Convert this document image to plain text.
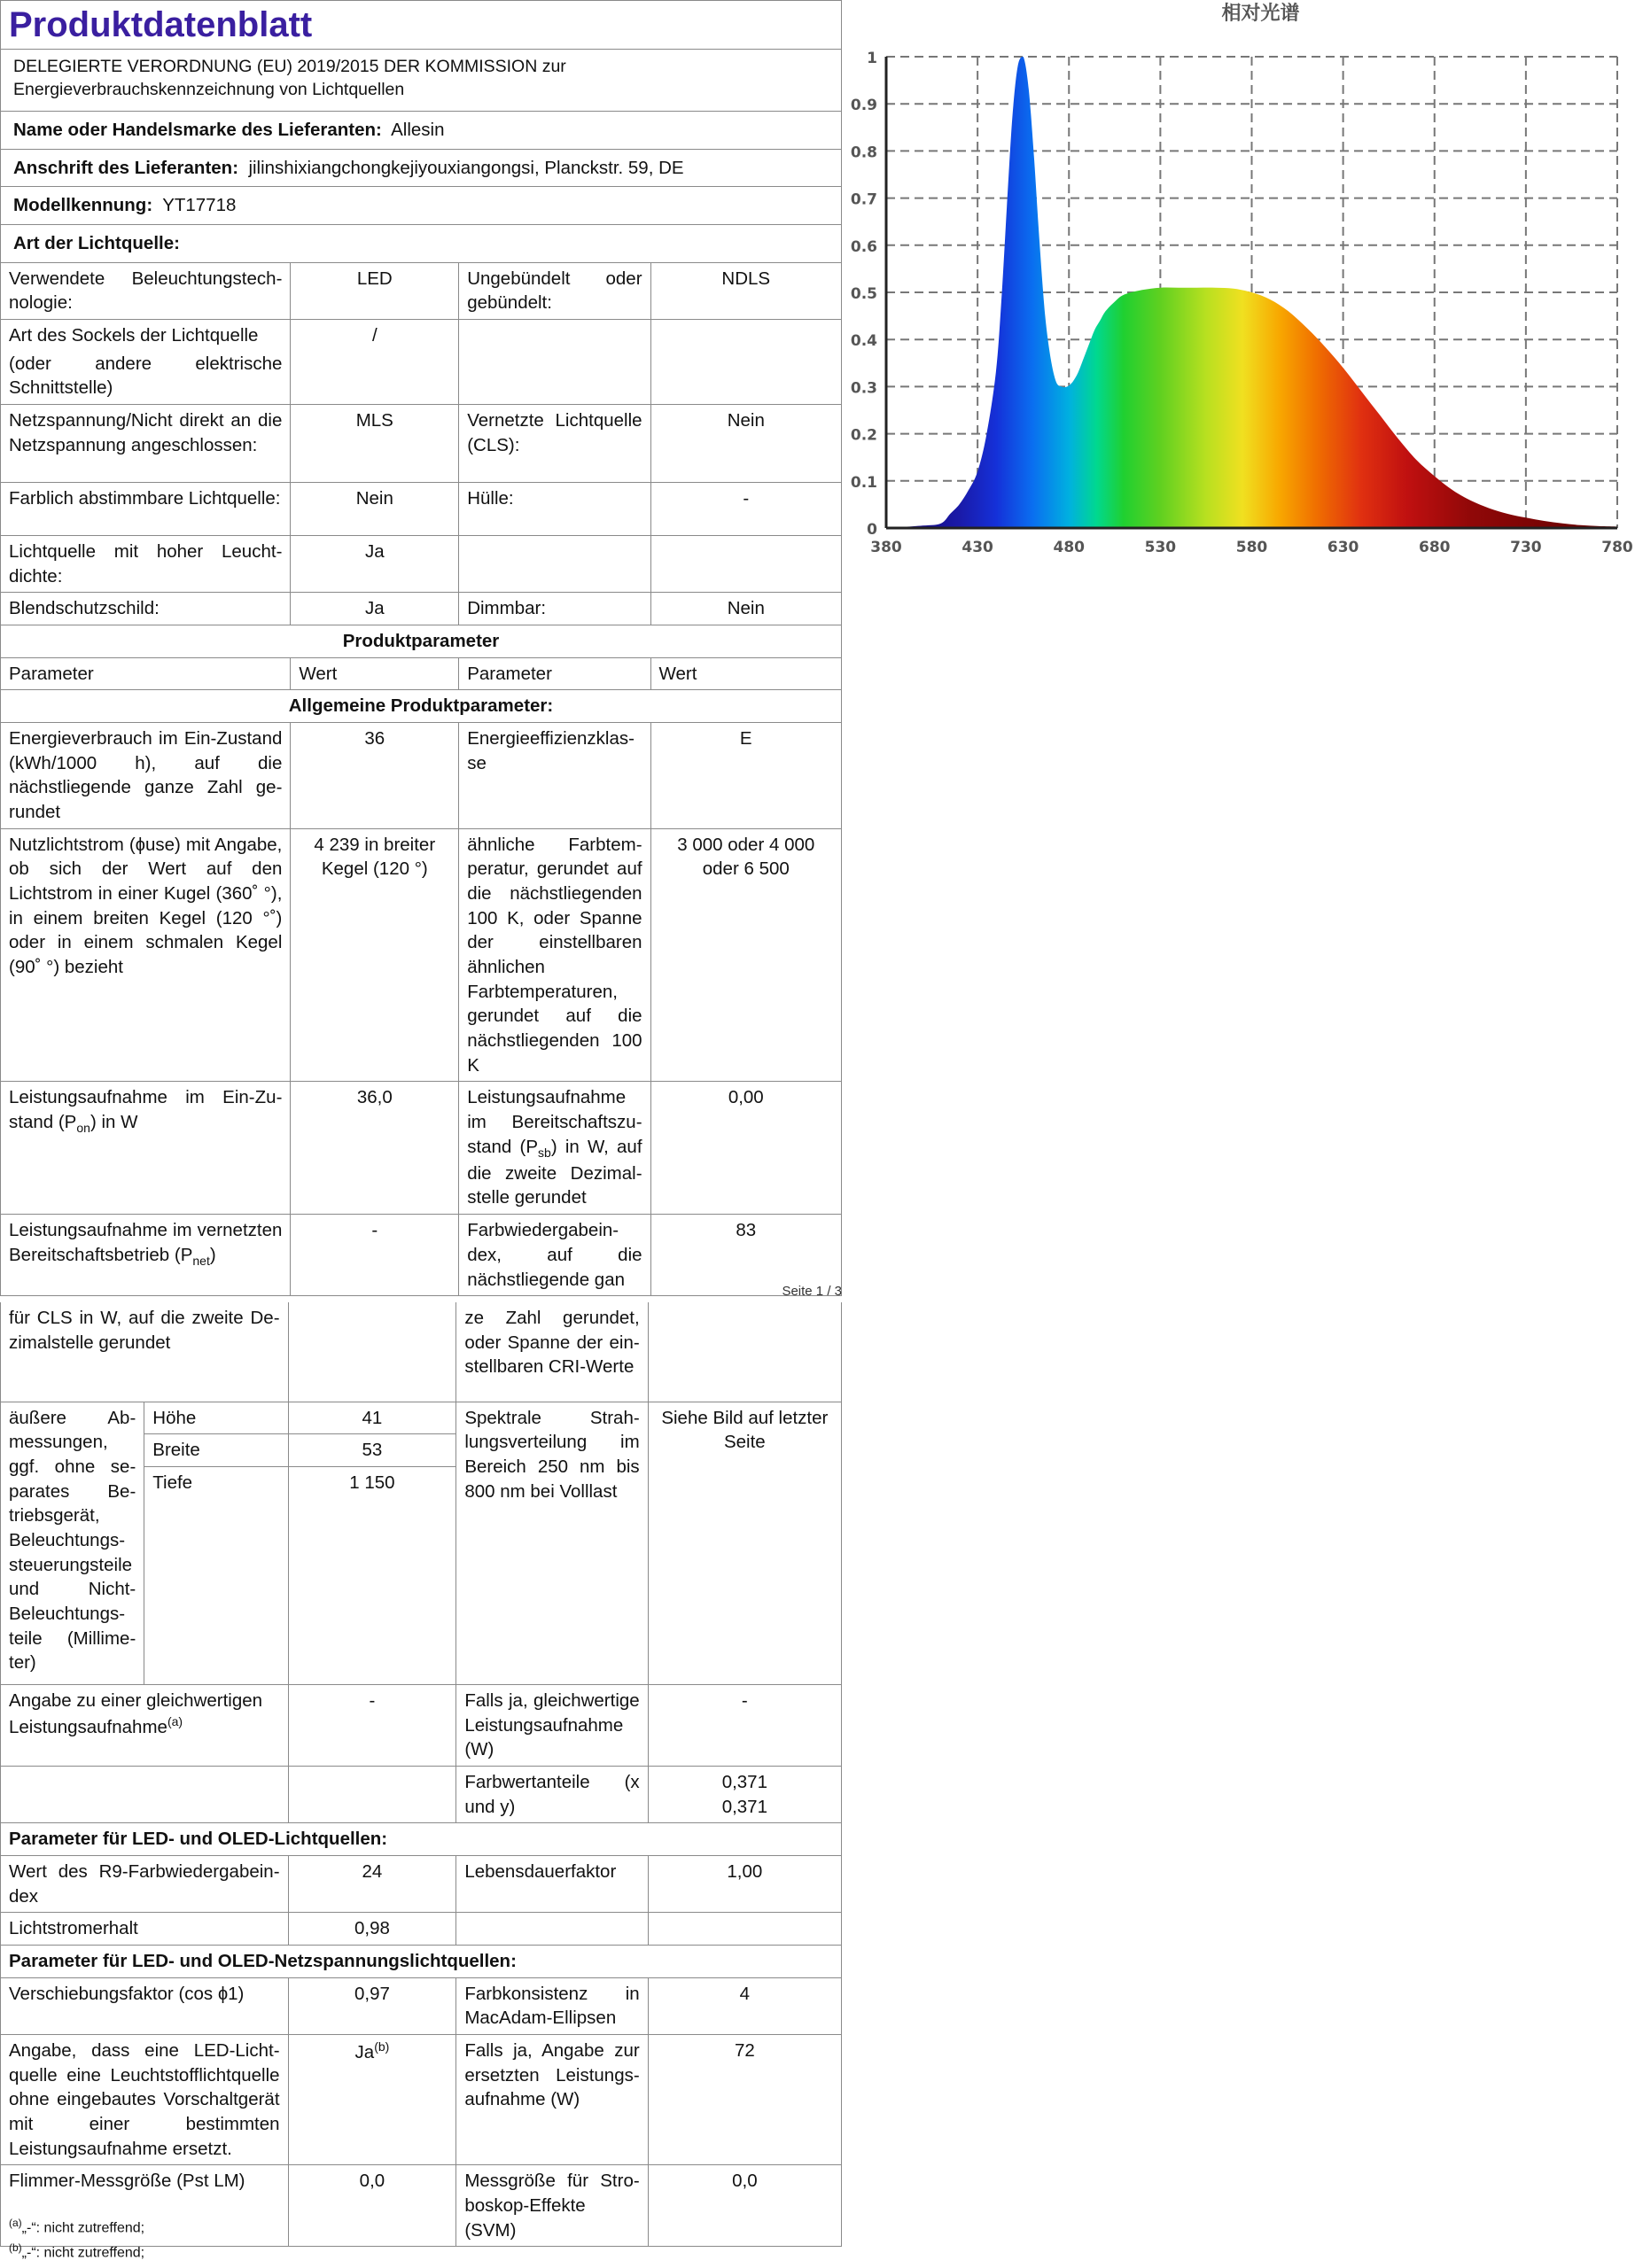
Produktdatenblatt

DELEGIERTE VERORDNUNG (EU) 2019/2015 DER KOMMISSION zur Energieverbrauchskennzeichnung von Lichtquellen
Name oder Handelsmarke des Lieferanten: Allesin
Anschrift des Lieferanten: jilinshixiangchongkejiyouxiangongsi, Planckstr. 59, DE
Modellkennung: YT17718
Art der Lichtquelle:
Verwendete Beleuchtungstechnologie:	LED	Ungebündelt oder gebündelt:	NDLS

Art des Sockels der Lichtquelle
(oder andere elektrische Schnittstelle)	/		
Netzspannung/Nicht direkt an die Netzspannung angeschlossen:	MLS	Vernetzte Lichtquelle (CLS):	Nein
Farblich abstimmbare Lichtquelle:	Nein	Hülle:	-
Lichtquelle mit hoher Leuchtdichte:	Ja		
Blendschutzschild:	Ja	Dimmbar:	Nein
Produktparameter			
Parameter	Wert	Parameter	Wert
Allgemeine Produktparameter:			
Energieverbrauch im Ein-Zustand (kWh/1000 h), auf die nächstliegende ganze Zahl gerundet	36	Energieeffizienzklasse	E
Nutzlichtstrom (ɸuse) mit Angabe, ob sich der Wert auf den Lichtstrom in einer Kugel (360˚ °), in einem breiten Kegel (120 °˚) oder in einem schmalen Kegel (90˚ °) bezieht	4 239 in breiter Kegel (120 °)	ähnliche Farbtemperatur, gerundet auf die nächstliegenden 100 K, oder Spanne der einstellbaren ähnlichen Farbtemperaturen, gerundet auf die nächstliegenden 100 K	3 000 oder 4 000 oder 6 500
Leistungsaufnahme im Ein-Zustand $(P_{on})$ in W	36,0	Leistungsaufnahme im Bereitschaftszustand $(P_{sb})$ in W, auf die zweite Dezimalstelle gerundet	0,00
Leistungsaufnahme im vernetzten Bereitschaftsbetrieb $(P_{net})$	-	Farbwiedergabeindex, auf die nächstliegende gan	83
Seite 1 / 3
für CLS in W, auf die zweite Dezimalstelle gerundet			ze Zahl gerundet, oder Spanne der einstellbaren CRI-Werte	
äußere Abmessungen, ggf. ohne separates Betriebsgerät, Beleuchtungssteuerungsteile und Nicht-Beleuchtungsteile (Millimeter)	Höhe	41	Spektrale Strahlungsverteilung im Bereich 250 nm bis 800 nm bei Volllast	Siehe Bild auf letzter Seite
	Breite	53		
	Tiefe	1 150		
Angabe zu einer gleichwertigen Leistungsaufnahme$^{(a)}$		-	Falls ja, gleichwertige Leistungsaufnahme (W)	-
			Farbwertanteile (x und y)	0,371
0,371

Parameter für LED- und OLED-Lichtquellen:				
Wert des R9-Farbwiedergabeindex		24	Lebensdauerfaktor	1,00
Lichtstromerhalt		0,98		
Parameter für LED- und OLED-Netzspannungslichtquellen:				
Verschiebungsfaktor (cos ɸ1)		0,97	Farbkonsistenz in MacAdam-Ellipsen	4
Angabe, dass eine LED-Lichtquelle eine Leuchtstofflichtquelle ohne eingebautes Vorschaltgerät mit einer bestimmten Leistungsaufnahme ersetzt.		Ja$^{(b)}$	Falls ja, Angabe zur ersetzten Leistungsaufnahme (W)	72
Flimmer-Messgröße (Pst LM)		0,0	Messgröße für Stroboskop-Effekte (SVM)	0,0
$^{(a)}$„-“: nicht zutreffend;
$^{(b)}$„-“: nicht zutreffend;
相对光谱
0
0.1
0.2
0.3
0.4
0.5
0.6
0.7
0.8
0.9
1
380	430	480	530	580	630	680	730	780
